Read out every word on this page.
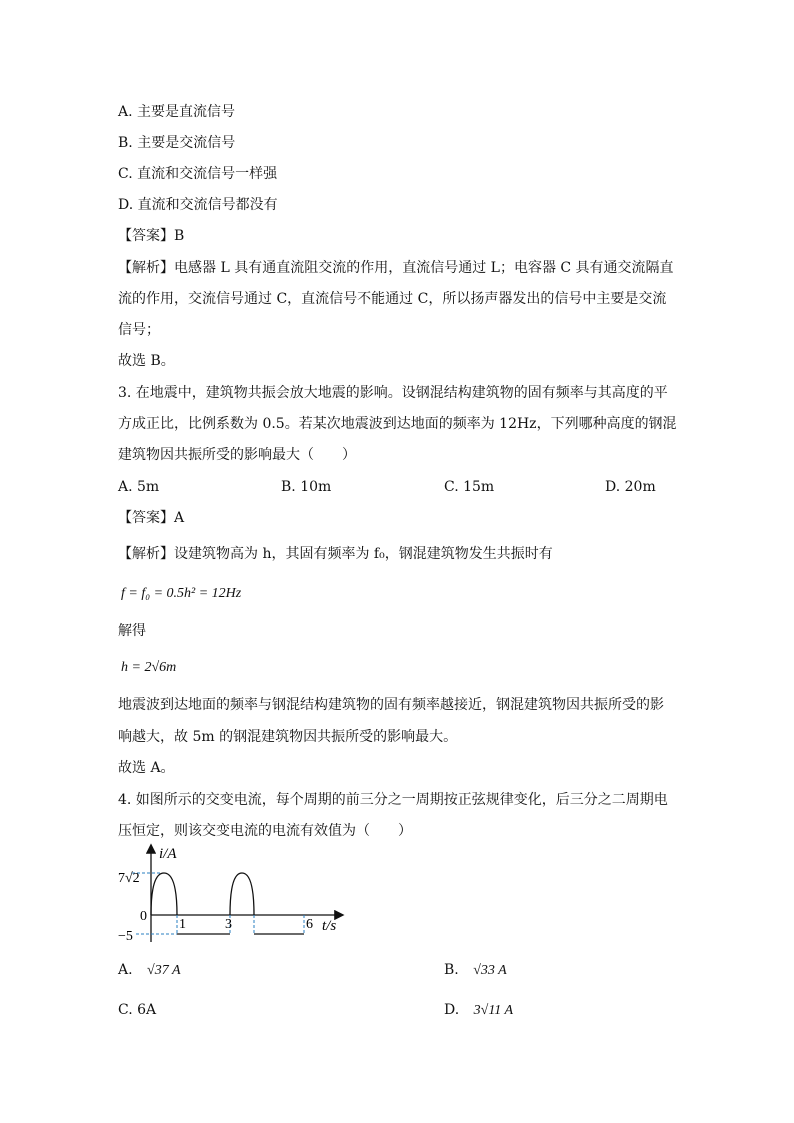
A. 主要是直流信号
B. 主要是交流信号
C. 直流和交流信号一样强
D. 直流和交流信号都没有
【答案】B
【解析】电感器 L 具有通直流阻交流的作用，直流信号通过 L；电容器 C 具有通交流隔直
流的作用，交流信号通过 C，直流信号不能通过 C，所以扬声器发出的信号中主要是交流
信号；
故选 B。
3. 在地震中，建筑物共振会放大地震的影响。设钢混结构建筑物的固有频率与其高度的平
方成正比，比例系数为 0.5。若某次地震波到达地面的频率为 12Hz，下列哪种高度的钢混
建筑物因共振所受的影响最大（　　）
A. 5m	B. 10m	C. 15m	D. 20m
【答案】A
【解析】设建筑物高为 h，其固有频率为 f₀，钢混建筑物发生共振时有
f = f₀ = 0.5h² = 12Hz
解得
h = 2√6m
地震波到达地面的频率与钢混结构建筑物的固有频率越接近，钢混建筑物因共振所受的影
响越大，故 5m 的钢混建筑物因共振所受的影响最大。
故选 A。
4. 如图所示的交变电流，每个周期的前三分之一周期按正弦规律变化，后三分之二周期电
压恒定，则该交变电流的电流有效值为（　　）
i/A
t/s
7√2
0
−5
1	3	6
A. √37 A	B. √33 A
C. 6A	D. 3√11 A
